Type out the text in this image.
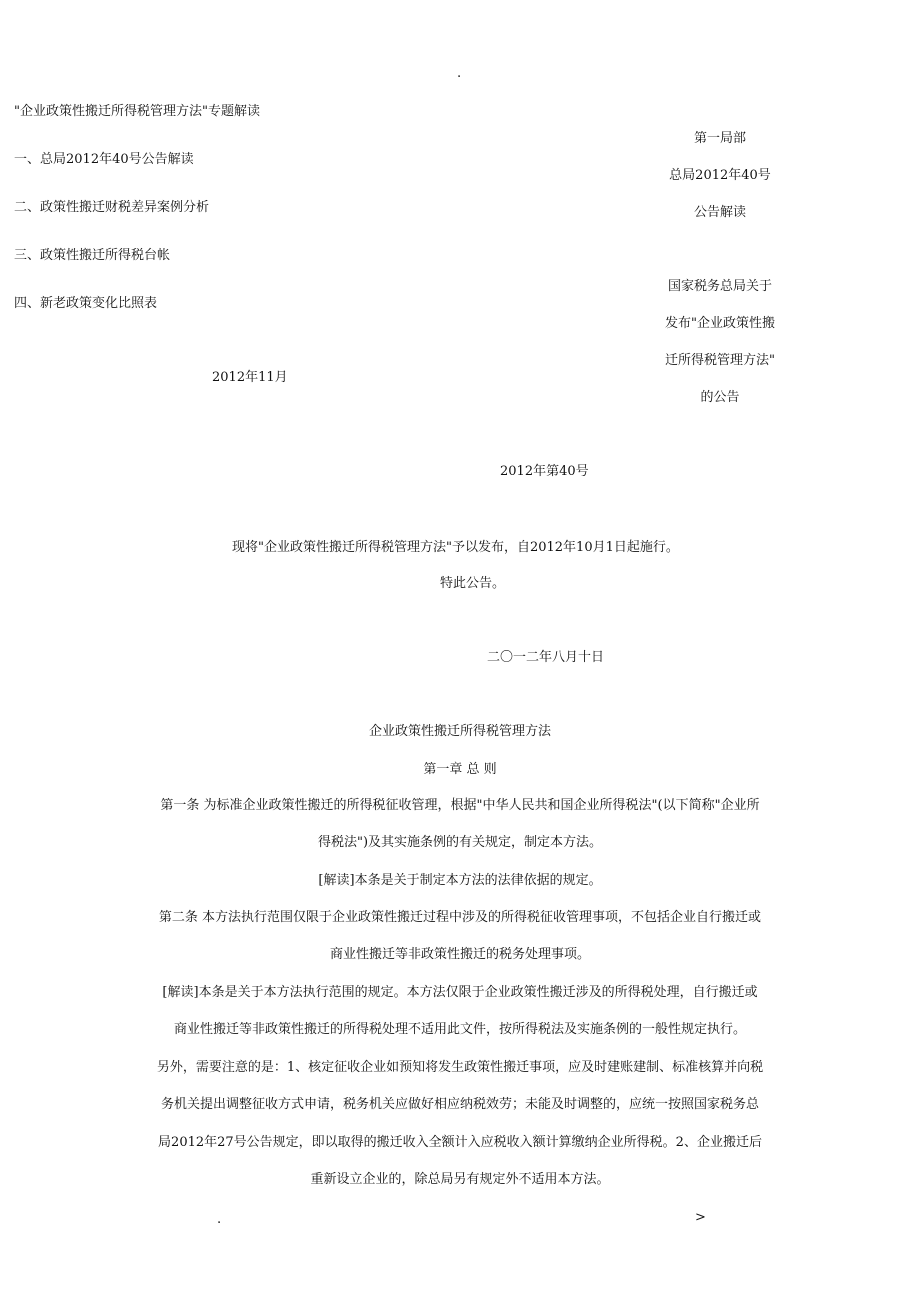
.
"企业政策性搬迁所得税管理方法"专题解读
一、总局2012年40号公告解读
二、政策性搬迁财税差异案例分析
三、政策性搬迁所得税台帐
四、新老政策变化比照表
2012年11月
第一局部
总局2012年40号
公告解读
国家税务总局关于
发布"企业政策性搬
迁所得税管理方法"
的公告
2012年第40号
现将"企业政策性搬迁所得税管理方法"予以发布，自2012年10月1日起施行。
特此公告。
二〇一二年八月十日
企业政策性搬迁所得税管理方法
第一章 总 则
第一条 为标准企业政策性搬迁的所得税征收管理，根据"中华人民共和国企业所得税法"(以下简称"企业所
得税法")及其实施条例的有关规定，制定本方法。
[解读]本条是关于制定本方法的法律依据的规定。
第二条 本方法执行范围仅限于企业政策性搬迁过程中涉及的所得税征收管理事项，不包括企业自行搬迁或
商业性搬迁等非政策性搬迁的税务处理事项。
[解读]本条是关于本方法执行范围的规定。本方法仅限于企业政策性搬迁涉及的所得税处理，自行搬迁或
商业性搬迁等非政策性搬迁的所得税处理不适用此文件，按所得税法及实施条例的一般性规定执行。
另外，需要注意的是：1、核定征收企业如预知将发生政策性搬迁事项，应及时建账建制、标准核算并向税
务机关提出调整征收方式申请，税务机关应做好相应纳税效劳；未能及时调整的，应统一按照国家税务总
局2012年27号公告规定，即以取得的搬迁收入全额计入应税收入额计算缴纳企业所得税。2、企业搬迁后
重新设立企业的，除总局另有规定外不适用本方法。
.	>
